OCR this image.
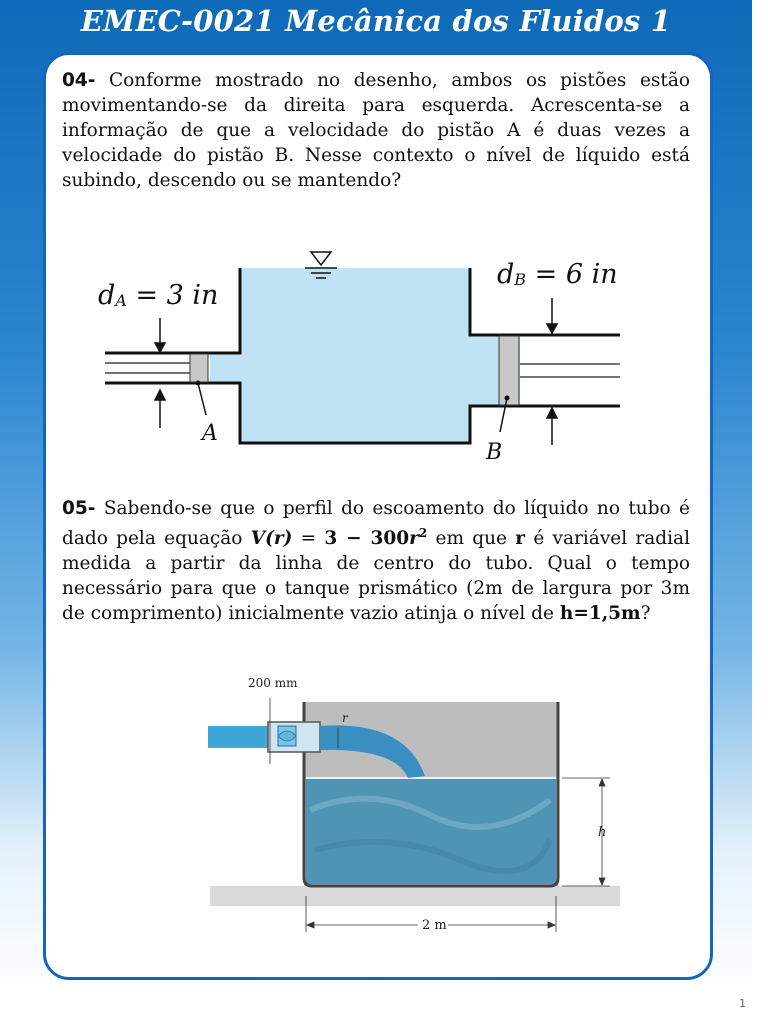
EMEC-0021 Mecânica dos Fluidos 1

04- Conforme mostrado no desenho, ambos os pistões estão movimentando-se da direita para esquerda. Acrescenta-se a informação de que a velocidade do pistão A é duas vezes a velocidade do pistão B. Nesse contexto o nível de líquido está subindo, descendo ou se mantendo?

dA = 3 in
dB = 6 in
A
B

05- Sabendo-se que o perfil do escoamento do líquido no tubo é dado pela equação $V(r) = 3 - 300r^2$ em que r é variável radial medida a partir da linha de centro do tubo. Qual o tempo necessário para que o tanque prismático (2m de largura por 3m de comprimento) inicialmente vazio atinja o nível de h=1,5m?

200 mm
r
h
2 m
1
